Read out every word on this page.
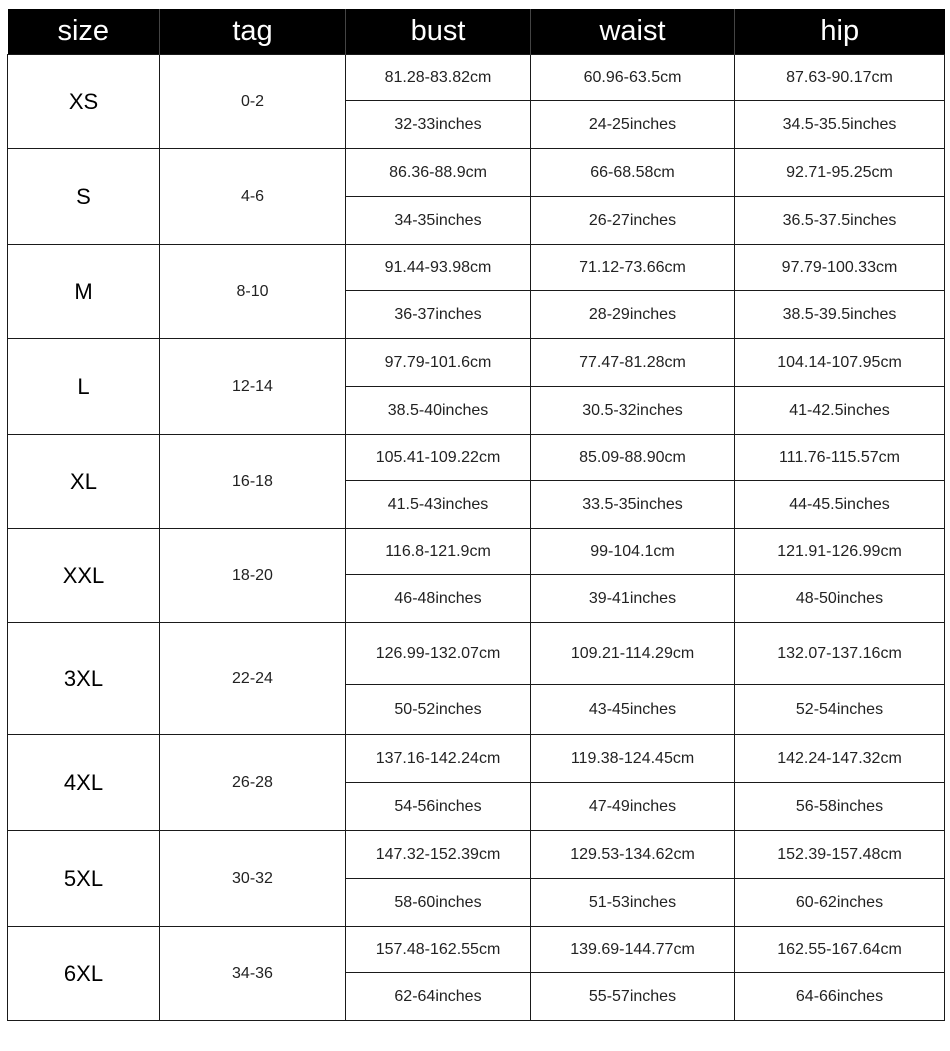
size	tag	bust	waist	hip
XS	0-2	81.28-83.82cm	60.96-63.5cm	87.63-90.17cm
		32-33inches	24-25inches	34.5-35.5inches
S	4-6	86.36-88.9cm	66-68.58cm	92.71-95.25cm
		34-35inches	26-27inches	36.5-37.5inches
M	8-10	91.44-93.98cm	71.12-73.66cm	97.79-100.33cm
		36-37inches	28-29inches	38.5-39.5inches
L	12-14	97.79-101.6cm	77.47-81.28cm	104.14-107.95cm
		38.5-40inches	30.5-32inches	41-42.5inches
XL	16-18	105.41-109.22cm	85.09-88.90cm	111.76-115.57cm
		41.5-43inches	33.5-35inches	44-45.5inches
XXL	18-20	116.8-121.9cm	99-104.1cm	121.91-126.99cm
		46-48inches	39-41inches	48-50inches
3XL	22-24	126.99-132.07cm	109.21-114.29cm	132.07-137.16cm
		50-52inches	43-45inches	52-54inches
4XL	26-28	137.16-142.24cm	119.38-124.45cm	142.24-147.32cm
		54-56inches	47-49inches	56-58inches
5XL	30-32	147.32-152.39cm	129.53-134.62cm	152.39-157.48cm
		58-60inches	51-53inches	60-62inches
6XL	34-36	157.48-162.55cm	139.69-144.77cm	162.55-167.64cm
		62-64inches	55-57inches	64-66inches
